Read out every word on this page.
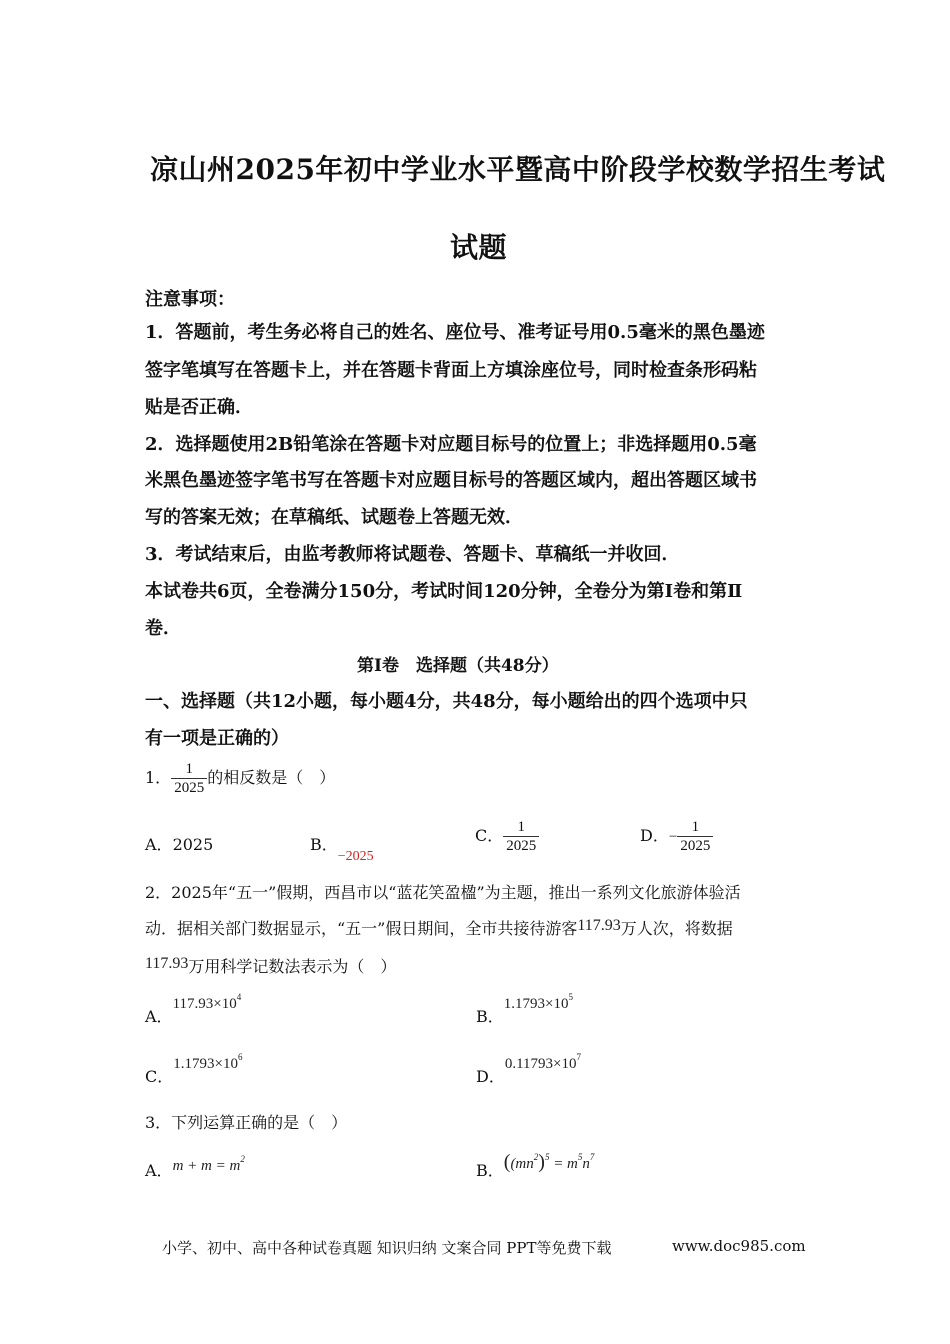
凉山州2025年初中学业水平暨高中阶段学校数学招生考试
试题
注意事项：
1．答题前，考生务必将自己的姓名、座位号、准考证号用0.5毫米的黑色墨迹
签字笔填写在答题卡上，并在答题卡背面上方填涂座位号，同时检查条形码粘
贴是否正确．
2．选择题使用2B铅笔涂在答题卡对应题目标号的位置上；非选择题用0.5毫
米黑色墨迹签字笔书写在答题卡对应题目标号的答题区域内，超出答题区域书
写的答案无效；在草稿纸、试题卷上答题无效．
3．考试结束后，由监考教师将试题卷、答题卡、草稿纸一并收回．
本试卷共6页，全卷满分150分，考试时间120分钟，全卷分为第Ⅰ卷和第Ⅱ
卷．
第Ⅰ卷　选择题（共48分）
一、选择题（共12小题，每小题4分，共48分，每小题给出的四个选项中只
有一项是正确的）
1． $\frac{1}{2025}$ 的相反数是（　）
A．2025	B．−2025
C． $\frac{1}{2025}$	D．− $\frac{1}{2025}$
2．2025年“五一”假期，西昌市以“蓝花笑盈楹”为主题，推出一系列文化旅游体验活
动．据相关部门数据显示，“五一”假日期间，全市共接待游客117.93万人次，将数据
117.93万用科学记数法表示为（　）
A．$117.93\times 10^4$
B．$1.1793\times 10^5$
C．$1.1793\times 10^6$
D．$0.11793\times 10^7$
3．下列运算正确的是（　）
A．$m + m = m^2$
B．($(mn^2)^5 = m^5n^7$
小学、初中、高中各种试卷真题 知识归纳 文案合同 PPT等免费下载	www.doc985.com
